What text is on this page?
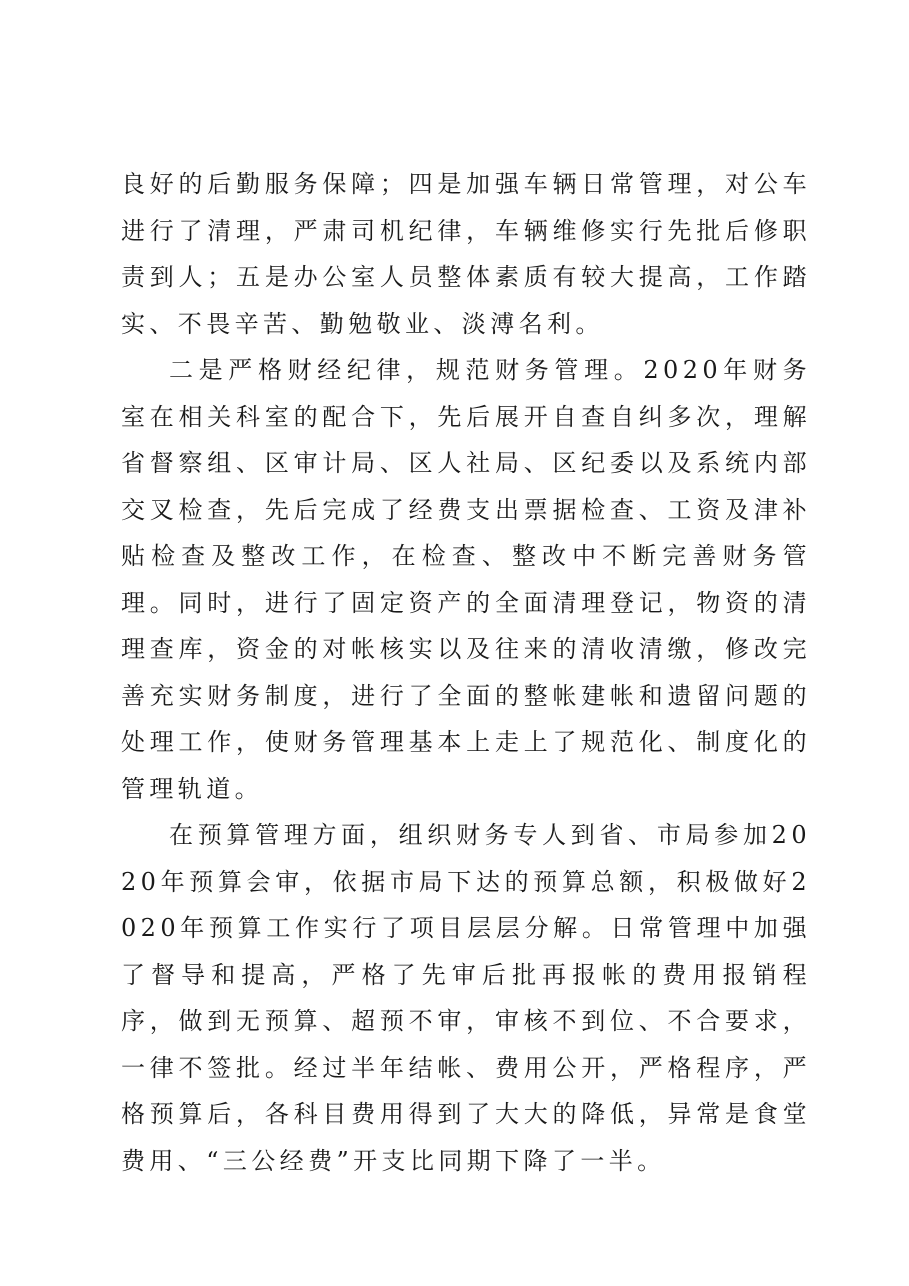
良好的后勤服务保障；四是加强车辆日常管理，对公车进行了清理，严肃司机纪律，车辆维修实行先批后修职责到人；五是办公室人员整体素质有较大提高，工作踏实、不畏辛苦、勤勉敬业、淡溥名利。

二是严格财经纪律，规范财务管理。2020年财务室在相关科室的配合下，先后展开自查自纠多次，理解省督察组、区审计局、区人社局、区纪委以及系统内部交叉检查，先后完成了经费支出票据检查、工资及津补贴检查及整改工作，在检查、整改中不断完善财务管理。同时，进行了固定资产的全面清理登记，物资的清理查库，资金的对帐核实以及往来的清收清缴，修改完善充实财务制度，进行了全面的整帐建帐和遗留问题的处理工作，使财务管理基本上走上了规范化、制度化的管理轨道。

在预算管理方面，组织财务专人到省、市局参加2020年预算会审，依据市局下达的预算总额，积极做好2020年预算工作实行了项目层层分解。日常管理中加强了督导和提高，严格了先审后批再报帐的费用报销程序，做到无预算、超预不审，审核不到位、不合要求，一律不签批。经过半年结帐、费用公开，严格程序，严格预算后，各科目费用得到了大大的降低，异常是食堂费用、“三公经费”开支比同期下降了一半。
